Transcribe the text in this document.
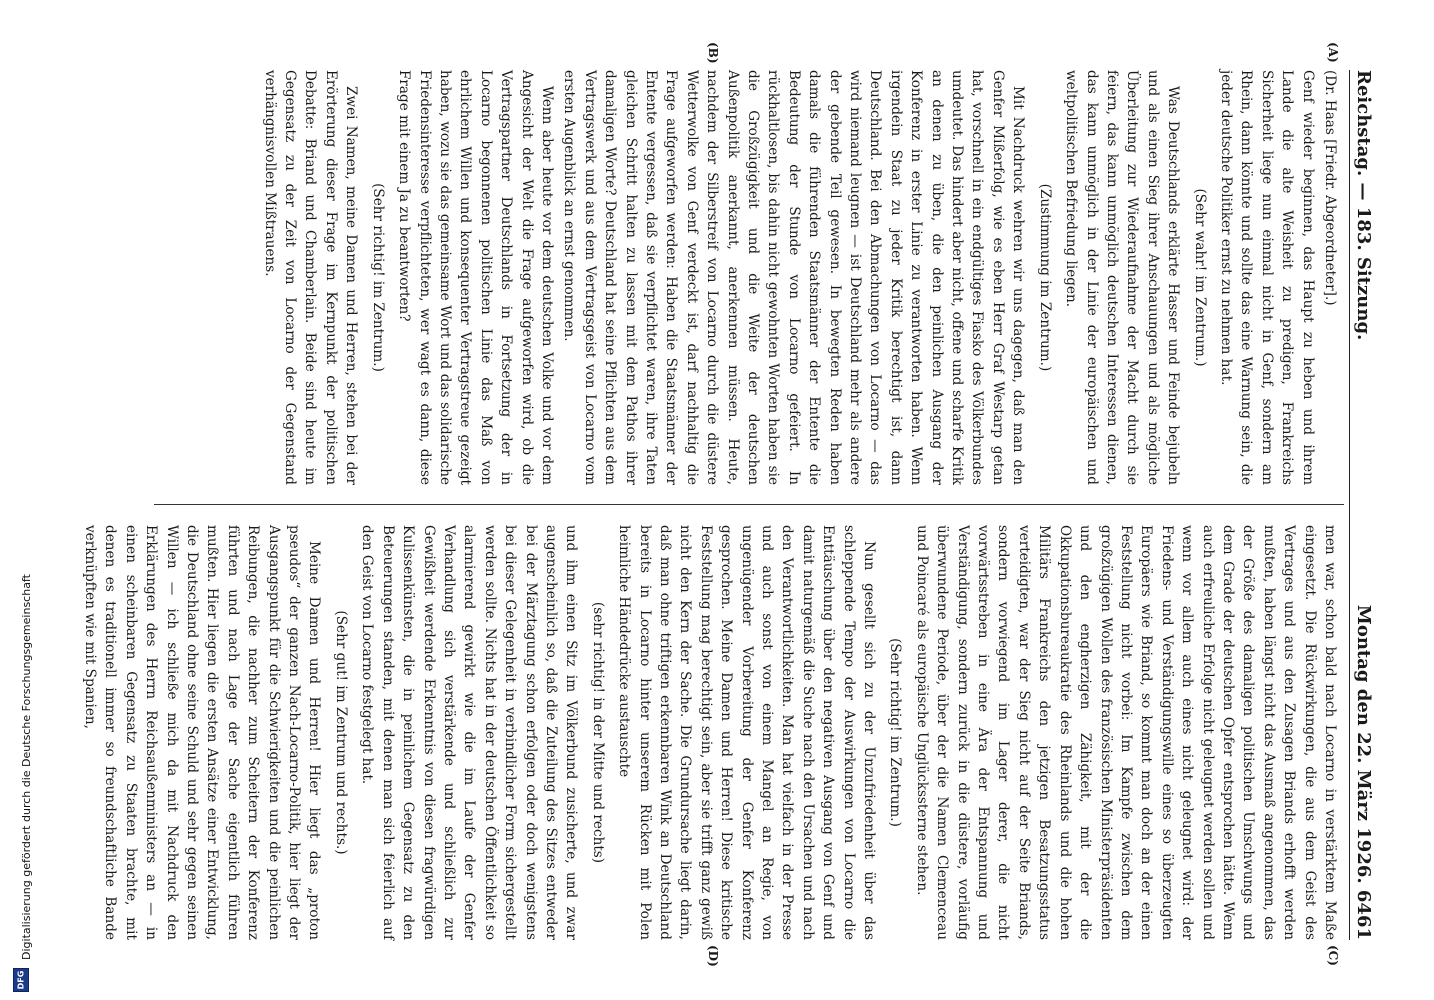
Digitalisierung gefördert durch die Deutsche Forschungsgemeinschaft
DFG
Reichstag. — 183. Sitzung.
Montag den 22. März 1926. 6461
(A)
(B)
(C)
(D)

(Dr. Haas [Friedr. Abgeordneter].)

Genf wieder beginnen, das Haupt zu heben und ihrem Lande die alte Weisheit zu predigen, Frankreichs Sicherheit liege nun einmal nicht in Genf, sondern am Rhein, dann könnte und sollte das eine Warnung sein, die jeder deutsche Politiker ernst zu nehmen hat.

(Sehr wahr! im Zentrum.)

Was Deutschlands erklärte Hasser und Feinde bejubeln und als einen Sieg ihrer Anschauungen und als mögliche Überleitung zur Wiederaufnahme der Macht durch sie feiern, das kann unmöglich deutschen Interessen dienen, das kann unmöglich in der Linie der europäischen und weltpolitischen Befriedung liegen.

(Zustimmung im Zentrum.)

Mit Nachdruck wehren wir uns dagegen, daß man den Genfer Mißerfolg, wie es eben Herr Graf Westarp getan hat, vorschnell in ein endgültiges Fiasko des Völkerbundes umdeutet. Das hindert aber nicht, offene und scharfe Kritik an denen zu üben, die den peinlichen Ausgang der Konferenz in erster Linie zu verantworten haben. Wenn irgendein Staat zu jeder Kritik berechtigt ist, dann Deutschland. Bei den Abmachungen von Locarno — das wird niemand leugnen — ist Deutschland mehr als andere der gebende Teil gewesen. In bewegten Reden haben damals die führenden Staatsmänner der Entente die Bedeutung der Stunde von Locarno gefeiert. In rückhaltlosen, bis dahin nicht gewohnten Worten haben sie die Großzügigkeit und die Weite der deutschen Außenpolitik anerkannt, anerkennen müssen. Heute, nachdem der Silberstreif von Locarno durch die düstere Wetterwolke von Genf verdeckt ist, darf nachhaltig die Frage aufgeworfen werden: Haben die Staatsmänner der Entente vergessen, daß sie verpflichtet waren, ihre Taten gleichen Schritt halten zu lassen mit dem Pathos ihrer damaligen Worte? Deutschland hat seine Pflichten aus dem Vertragswerk und aus dem Vertragsgeist von Locarno vom ersten Augenblick an ernst genommen.

Wenn aber heute vor dem deutschen Volke und vor dem Angesicht der Welt die Frage aufgeworfen wird, ob die Vertragspartner Deutschlands in Fortsetzung der in Locarno begonnenen politischen Linie das Maß von ehrlichem Willen und konsequenter Vertragstreue gezeigt haben, wozu sie das gemeinsame Wort und das solidarische Friedensinteresse verpflichteten, wer wagt es dann, diese Frage mit einem Ja zu beantworten?

(Sehr richtig! im Zentrum.)

Zwei Namen, meine Damen und Herren, stehen bei der Erörterung dieser Frage im Kernpunkt der politischen Debatte: Briand und Chamberlain. Beide sind heute im Gegensatz zu der Zeit von Locarno der Gegenstand verhängnisvollen Mißtrauens.

men war, schon bald nach Locarno in verstärktem Maße eingesetzt. Die Rückwirkungen, die aus dem Geist des Vertrages und aus den Zusagen Briands erhofft werden mußten, haben längst nicht das Ausmaß angenommen, das der Größe des damaligen politischen Umschwungs und dem Grade der deutschen Opfer entsprochen hätte. Wenn auch erfreuliche Erfolge nicht geleugnet werden sollen und wenn vor allem auch eines nicht geleugnet wird: der Friedens- und Verständigungswille eines so überzeugten Europäers wie Briand, so kommt man doch an der einen Feststellung nicht vorbei: Im Kampfe zwischen dem großzügigen Wollen des französischen Ministerpräsidenten und den engherzigen Zähigkeit, mit der die Okkupationsbureaukratie des Rheinlands und die hohen Militärs Frankreichs den jetzigen Besatzungsstatus verteidigten, war der Sieg nicht auf der Seite Briands, sondern vorwiegend im Lager derer, die nicht vorwärtsstreben in eine Ära der Entspannung und Verständigung, sondern zurück in die düstere, vorläufig überwundene Periode, über der die Namen Clemenceau und Poincaré als europäische Unglückssterne stehen.

(Sehr richtig! im Zentrum.)

Nun gesellt sich zu der Unzufriedenheit über das schleppende Tempo der Auswirkungen von Locarno die Enttäuschung über den negativen Ausgang von Genf und damit naturgemäß die Suche nach den Ursachen und nach den Verantwortlichkeiten. Man hat vielfach in der Presse und auch sonst von einem Mangel an Regie, von ungenügender Vorbereitung der Genfer Konferenz gesprochen. Meine Damen und Herren! Diese kritische Feststellung mag berechtigt sein, aber sie trifft ganz gewiß nicht den Kern der Sache. Die Grundursache liegt darin, daß man ohne triftigen erkennbaren Wink an Deutschland bereits in Locarno hinter unserem Rücken mit Polen heimliche Händedrücke austauschte

(sehr richtig! in der Mitte und rechts)

und ihm einen Sitz im Völkerbund zusicherte, und zwar augenscheinlich so, daß die Zuteilung des Sitzes entweder bei der Märztagung schon erfolgen oder doch wenigstens bei dieser Gelegenheit in verbindlicher Form sichergestellt werden sollte. Nichts hat in der deutschen Öffentlichkeit so alarmierend gewirkt wie die im Laufe der Genfer Verhandlung sich verstärkende und schließlich zur Gewißheit werdende Erkenntnis von diesen fragwürdigen Kulissenkünsten, die in peinlichem Gegensatz zu den Beteuerungen standen, mit denen man sich feierlich auf den Geist von Locarno festgelegt hat.

(Sehr gut! im Zentrum und rechts.)

Meine Damen und Herren! Hier liegt das „proton pseudos“ der ganzen Nach-Locarno-Politik, hier liegt der Ausgangspunkt für die Schwierigkeiten und die peinlichen Reibungen, die nachher zum Scheitern der Konferenz führten und nach Lage der Sache eigentlich führen mußten. Hier liegen die ersten Ansätze einer Entwicklung, die Deutschland ohne seine Schuld und sehr gegen seinen Willen — ich schließe mich da mit Nachdruck den Erklärungen des Herrn Reichsaußenministers an — in einen scheinbaren Gegensatz zu Staaten brachte, mit denen es traditionell immer so freundschaftliche Bande verknüpften wie mit Spanien,
